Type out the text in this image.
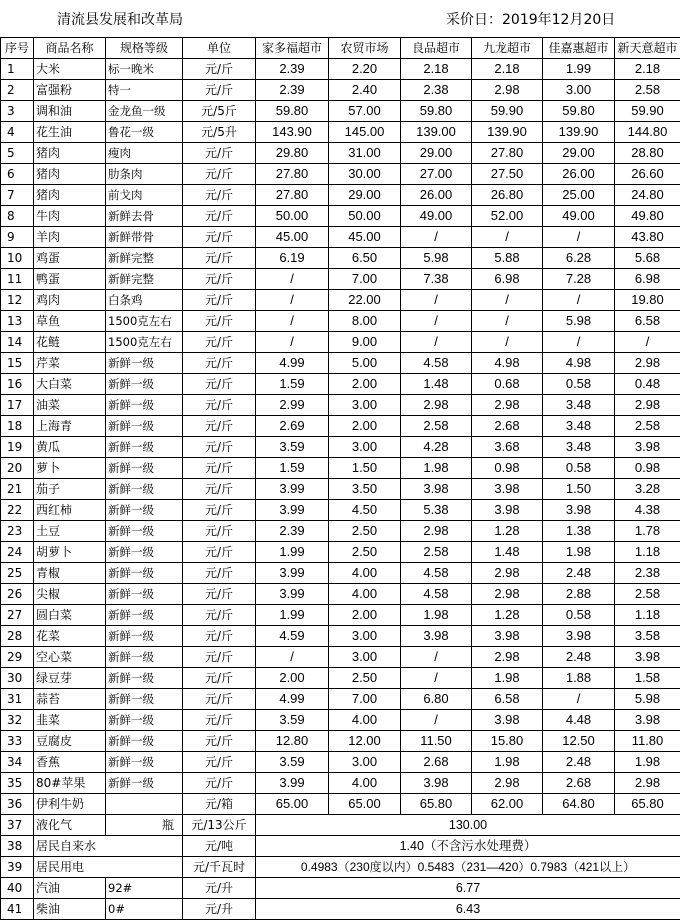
清流县发展和改革局	采价日：2019年12月20日
序号	商品名称	规格等级	单位	家多福超市	农贸市场	良品超市	九龙超市	佳嘉惠超市	新天意超市
1	大米	标一晚米	元/斤	2.39	2.20	2.18	2.18	1.99	2.18
2	富强粉	特一	元/斤	2.39	2.40	2.38	2.98	3.00	2.58
3	调和油	金龙鱼一级	元/5斤	59.80	57.00	59.80	59.90	59.80	59.90
4	花生油	鲁花一级	元/5升	143.90	145.00	139.00	139.90	139.90	144.80
5	猪肉	瘦肉	元/斤	29.80	31.00	29.00	27.80	29.00	28.80
6	猪肉	肋条肉	元/斤	27.80	30.00	27.00	27.50	26.00	26.60
7	猪肉	前戈肉	元/斤	27.80	29.00	26.00	26.80	25.00	24.80
8	牛肉	新鲜去骨	元/斤	50.00	50.00	49.00	52.00	49.00	49.80
9	羊肉	新鲜带骨	元/斤	45.00	45.00	/	/	/	43.80
10	鸡蛋	新鲜完整	元/斤	6.19	6.50	5.98	5.88	6.28	5.68
11	鸭蛋	新鲜完整	元/斤	/	7.00	7.38	6.98	7.28	6.98
12	鸡肉	白条鸡	元/斤	/	22.00	/	/	/	19.80
13	草鱼	1500克左右	元/斤	/	8.00	/	/	5.98	6.58
14	花鲢	1500克左右	元/斤	/	9.00	/	/	/	/
15	芹菜	新鲜一级	元/斤	4.99	5.00	4.58	4.98	4.98	2.98
16	大白菜	新鲜一级	元/斤	1.59	2.00	1.48	0.68	0.58	0.48
17	油菜	新鲜一级	元/斤	2.99	3.00	2.98	2.98	3.48	2.98
18	上海青	新鲜一级	元/斤	2.69	2.00	2.58	2.68	3.48	2.58
19	黄瓜	新鲜一级	元/斤	3.59	3.00	4.28	3.68	3.48	3.98
20	萝卜	新鲜一级	元/斤	1.59	1.50	1.98	0.98	0.58	0.98
21	茄子	新鲜一级	元/斤	3.99	3.50	3.98	3.98	1.50	3.28
22	西红柿	新鲜一级	元/斤	3.99	4.50	5.38	3.98	3.98	4.38
23	土豆	新鲜一级	元/斤	2.39	2.50	2.98	1.28	1.38	1.78
24	胡萝卜	新鲜一级	元/斤	1.99	2.50	2.58	1.48	1.98	1.18
25	青椒	新鲜一级	元/斤	3.99	4.00	4.58	2.98	2.48	2.38
26	尖椒	新鲜一级	元/斤	3.99	4.00	4.58	2.98	2.88	2.58
27	圆白菜	新鲜一级	元/斤	1.99	2.00	1.98	1.28	0.58	1.18
28	花菜	新鲜一级	元/斤	4.59	3.00	3.98	3.98	3.98	3.58
29	空心菜	新鲜一级	元/斤	/	3.00	/	2.98	2.48	3.98
30	绿豆芽	新鲜一级	元/斤	2.00	2.50	/	1.98	1.88	1.58
31	蒜苔	新鲜一级	元/斤	4.99	7.00	6.80	6.58	/	5.98
32	韭菜	新鲜一级	元/斤	3.59	4.00	/	3.98	4.48	3.98
33	豆腐皮	新鲜一级	元/斤	12.80	12.00	11.50	15.80	12.50	11.80
34	香蕉	新鲜一级	元/斤	3.59	3.00	2.68	1.98	2.48	1.98
35	80#苹果	新鲜一级	元/斤	3.99	4.00	3.98	2.98	2.68	2.98
36	伊利牛奶		元/箱	65.00	65.00	65.80	62.00	64.80	65.80
37	液化气	瓶	元/13公斤	130.00					
38	居民自来水		元/吨	1.40（不含污水处理费）					
39	居民用电		元/千瓦时	0.4983（230度以内）0.5483（231—420）0.7983（421以上）					
40	汽油	92#	元/升	6.77					
41	柴油	0#	元/升	6.43					
